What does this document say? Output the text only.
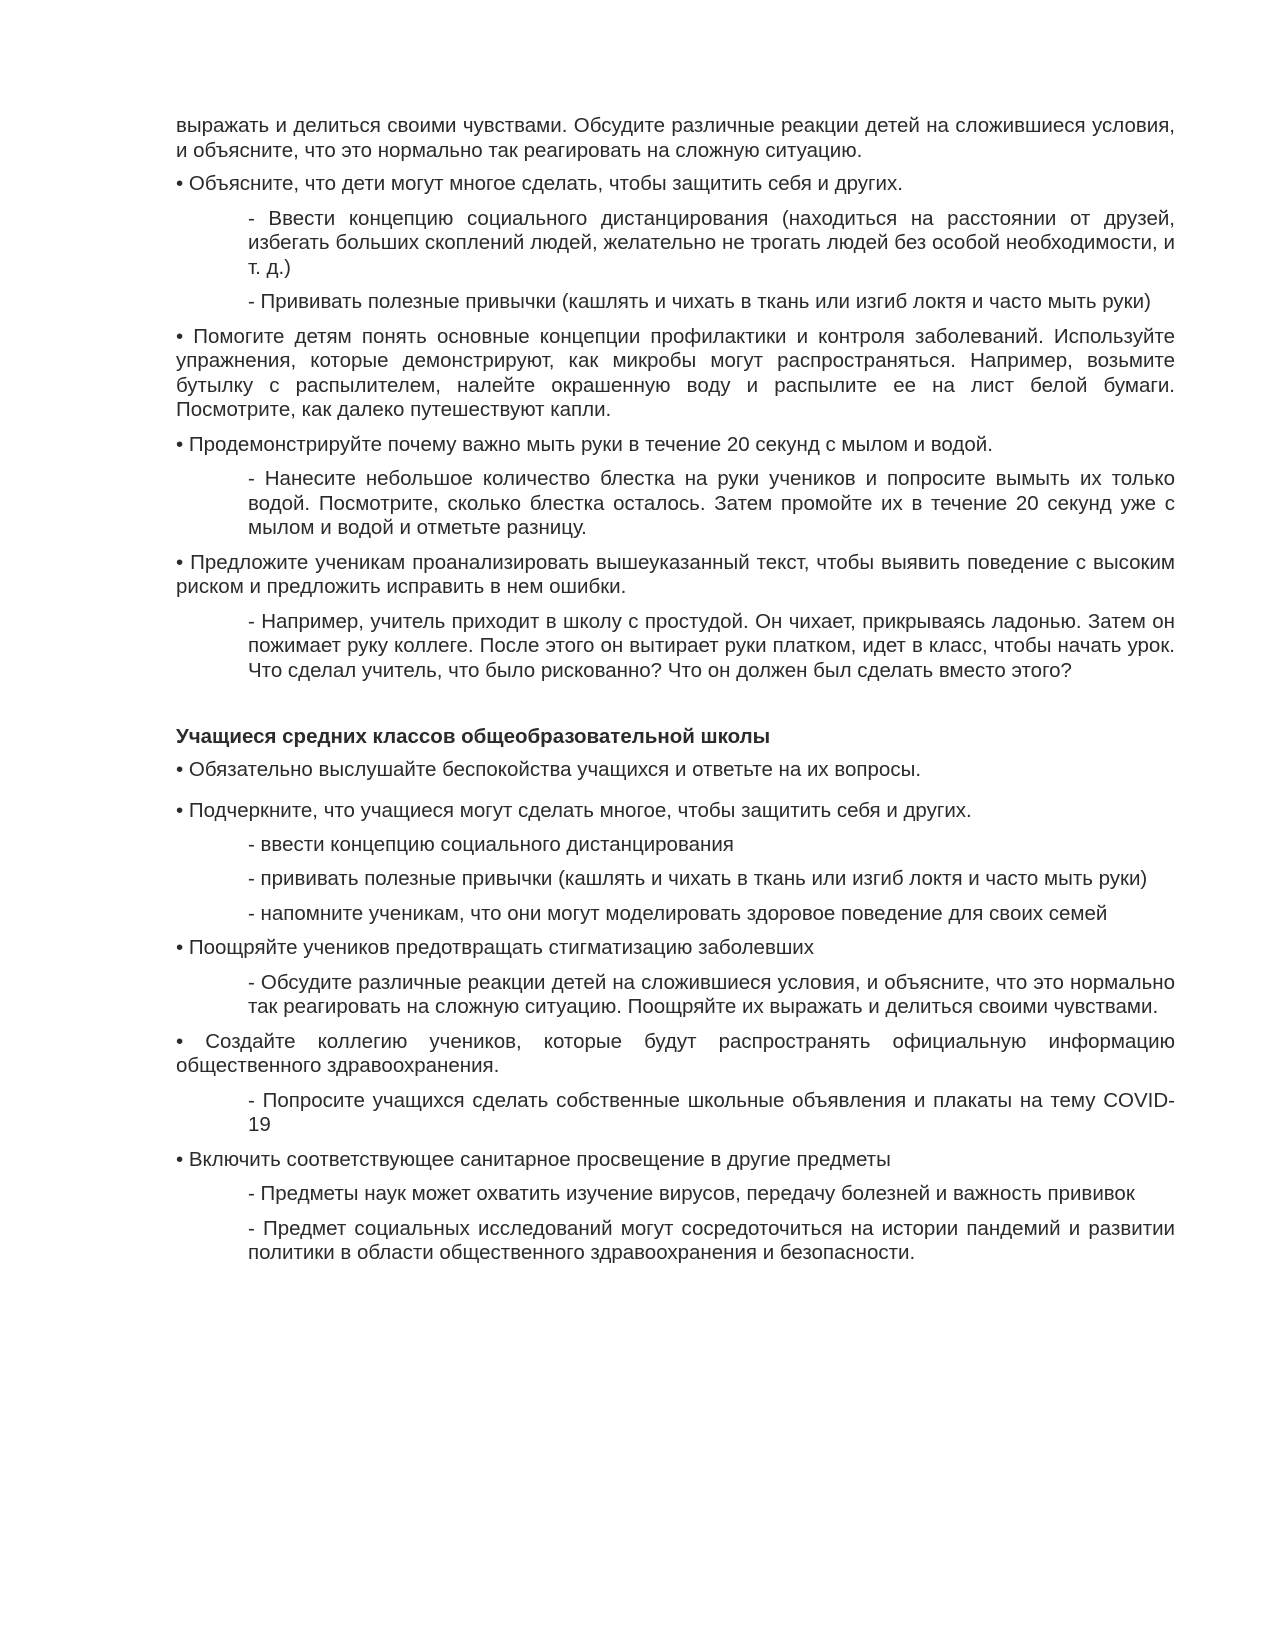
выражать и делиться своими чувствами. Обсудите различные реакции детей на сложившиеся условия, и объясните, что это нормально так реагировать на сложную ситуацию.

• Объясните, что дети могут многое сделать, чтобы защитить себя и других.

- Ввести концепцию социального дистанцирования (находиться на расстоянии от друзей, избегать больших скоплений людей, желательно не трогать людей без особой необходимости, и т. д.)

- Прививать полезные привычки (кашлять и чихать в ткань или изгиб локтя и часто мыть руки)

• Помогите детям понять основные концепции профилактики и контроля заболеваний. Используйте упражнения, которые демонстрируют, как микробы могут распространяться. Например, возьмите бутылку с распылителем, налейте окрашенную воду и распылите ее на лист белой бумаги. Посмотрите, как далеко путешествуют капли.

• Продемонстрируйте почему важно мыть руки в течение 20 секунд с мылом и водой.

- Нанесите небольшое количество блестка на руки учеников и попросите вымыть их только водой. Посмотрите, сколько блестка осталось. Затем промойте их в течение 20 секунд уже с мылом и водой и отметьте разницу.

• Предложите ученикам проанализировать вышеуказанный текст, чтобы выявить поведение с высоким риском и предложить исправить в нем ошибки.

- Например, учитель приходит в школу с простудой. Он чихает, прикрываясь ладонью. Затем он пожимает руку коллеге. После этого он вытирает руки платком, идет в класс, чтобы начать урок. Что сделал учитель, что было рискованно? Что он должен был сделать вместо этого?

Учащиеся средних классов общеобразовательной школы

• Обязательно выслушайте беспокойства учащихся и ответьте на их вопросы.

• Подчеркните, что учащиеся могут сделать многое, чтобы защитить себя и других.

- ввести концепцию социального дистанцирования

- прививать полезные привычки (кашлять и чихать в ткань или изгиб локтя и часто мыть руки)

- напомните ученикам, что они могут моделировать здоровое поведение для своих семей

• Поощряйте учеников предотвращать стигматизацию заболевших

- Обсудите различные реакции детей на сложившиеся условия, и объясните, что это нормально так реагировать на сложную ситуацию. Поощряйте их выражать и делиться своими чувствами.

• Создайте коллегию учеников, которые будут распространять официальную информацию общественного здравоохранения.

- Попросите учащихся сделать собственные школьные объявления и плакаты на тему COVID-19

• Включить соответствующее санитарное просвещение в другие предметы

- Предметы наук может охватить изучение вирусов, передачу болезней и важность прививок

- Предмет социальных исследований могут сосредоточиться на истории пандемий и развитии политики в области общественного здравоохранения и безопасности.
